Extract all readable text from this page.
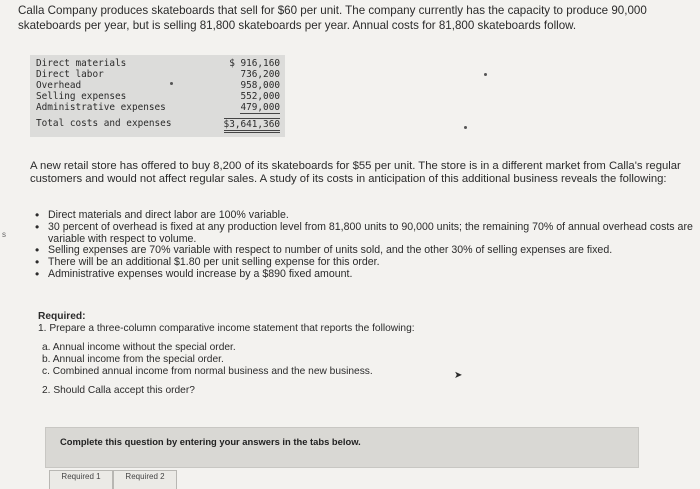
Calla Company produces skateboards that sell for $60 per unit. The company currently has the capacity to produce 90,000 skateboards per year, but is selling 81,800 skateboards per year. Annual costs for 81,800 skateboards follow.
Direct materials	$ 916,160
Direct labor	736,200
Overhead	958,000
Selling expenses	552,000
Administrative expenses	479,000
Total costs and expenses	$3,641,360
A new retail store has offered to buy 8,200 of its skateboards for $55 per unit. The store is in a different market from Calla's regular customers and would not affect regular sales. A study of its costs in anticipation of this additional business reveals the following:
s
• Direct materials and direct labor are 100% variable.
• 30 percent of overhead is fixed at any production level from 81,800 units to 90,000 units; the remaining 70% of annual overhead costs are variable with respect to volume.
• Selling expenses are 70% variable with respect to number of units sold, and the other 30% of selling expenses are fixed.
• There will be an additional $1.80 per unit selling expense for this order.
• Administrative expenses would increase by a $890 fixed amount.
Required:
1. Prepare a three-column comparative income statement that reports the following:
a. Annual income without the special order.
b. Annual income from the special order.
c. Combined annual income from normal business and the new business.
2. Should Calla accept this order?
➤
Complete this question by entering your answers in the tabs below.
Required 1	Required 2
